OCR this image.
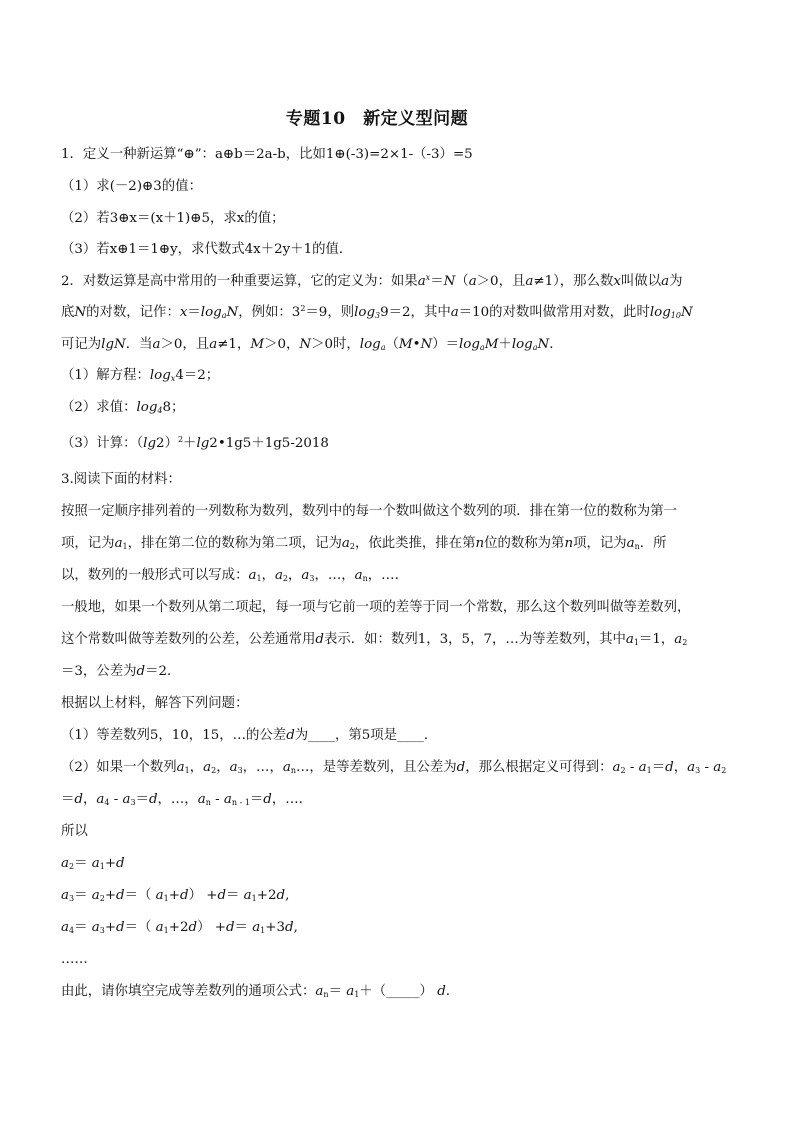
专题10　新定义型问题
1．定义一种新运算“⊕”：a⊕b＝2a-b，比如1⊕(-3)=2×1-（-3）=5
（1）求(－2)⊕3的值：
（2）若3⊕x＝(x＋1)⊕5，求x的值；
（3）若x⊕1＝1⊕y，求代数式4x＋2y＋1的值．
2．对数运算是高中常用的一种重要运算，它的定义为：如果$a^x=N(a>0$，且a≠1），那么数x叫做以a为
底N的对数，记作：$x=\log_aN$，例如：$3^2=9$，则$\log_39=2$，其中a＝10的对数叫做常用对数，此时$\log_{10}N$
可记为lgN．当a＞0，且a≠1，M＞0，N＞0时，$\log_a(M•N)=\log_aM+\log_aN$.
（1）解方程：$\log_x4=2$；
（2）求值：$\log_48$；
（3）计算：$(\lg 2)^2+\lg 2•1g5+1g5-2018$
3.阅读下面的材料：
按照一定顺序排列着的一列数称为数列，数列中的每一个数叫做这个数列的项．排在第一位的数称为第一
项，记为$a_1$，排在第二位的数称为第二项，记为$a_2$，依此类推，排在第n位的数称为第n项，记为$a_n$．所
以，数列的一般形式可以写成：$a_1$，$a_2$，$a_3$，…，$a_n$，…．
一般地，如果一个数列从第二项起，每一项与它前一项的差等于同一个常数，那么这个数列叫做等差数列，
这个常数叫做等差数列的公差，公差通常用d表示．如：数列1，3，5，7，…为等差数列，其中$a_1=1$，$a_2$
＝3，公差为d＝2．
根据以上材料，解答下列问题：
（1）等差数列5，10，15，…的公差d为____，第5项是____．
（2）如果一个数列$a_1$，$a_2$，$a_3$，…，$a_n\dots$，是等差数列，且公差为d，那么根据定义可得到：$a_2 - a_1=d$，$a_3 - a_2$
＝d，$a_4 - a_3=d$，…，$a_n - a_{n - 1}=d$，…．
所以
$a_2= a_1+d$
$a_3= a_2+d=$（ $a_1+d) +d= a_1+2d$,
$a_4= a_3+d=$（ $a_1+2d) +d= a_1+3d$,
……
由此，请你填空完成等差数列的通项公式：$a_n=$ $a_1+(\_\_\_\_\_)$ d.
